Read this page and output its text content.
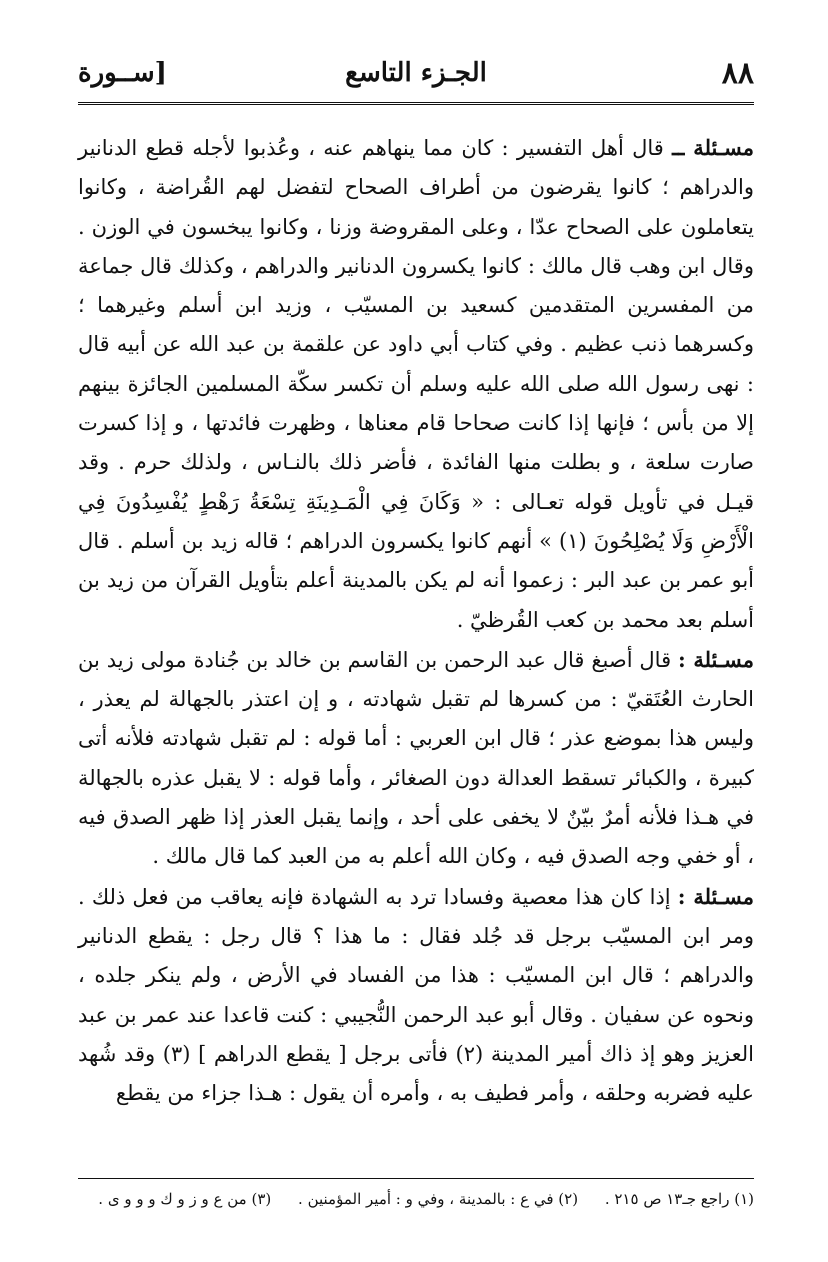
٨٨
الجـزء التاسع
[ســورة

مسـئلة ــ قال أهل التفسير : كان مما ينهاهم عنه ، وعُذبوا لأجله قطع الدنانير والدراهم ؛ كانوا يقرضون من أطراف الصحاح لتفضل لهم القُراضة ، وكانوا يتعاملون على الصحاح عدّا ، وعلى المقروضة وزنا ، وكانوا يبخسون في الوزن . وقال ابن وهب قال مالك : كانوا يكسرون الدنانير والدراهم ، وكذلك قال جماعة من المفسرين المتقدمين كسعيد بن المسيّب ، وزيد ابن أسلم وغيرهما ؛ وكسرهما ذنب عظيم . وفي كتاب أبي داود عن علقمة بن عبد الله عن أبيه قال : نهى رسول الله صلى الله عليه وسلم أن تكسر سكّة المسلمين الجائزة بينهم إلا من بأس ؛ فإنها إذا كانت صحاحا قام معناها ، وظهرت فائدتها ، و إذا كسرت صارت سلعة ، و بطلت منها الفائدة ، فأضر ذلك بالنـاس ، ولذلك حرم . وقد قيـل في تأويل قوله تعـالى : « وَكَانَ فِي الْمَـدِينَةِ تِسْعَةُ رَهْطٍ يُفْسِدُونَ فِي الْأَرْضِ وَلَا يُصْلِحُونَ (١) » أنهم كانوا يكسرون الدراهم ؛ قاله زيد بن أسلم . قال أبو عمر بن عبد البر : زعموا أنه لم يكن بالمدينة أعلم بتأويل القرآن من زيد بن أسلم بعد محمد بن كعب القُرظيّ .

مسـئلة : قال أصبغ قال عبد الرحمن بن القاسم بن خالد بن جُنادة مولى زيد بن الحارث العُتَقيّ : من كسرها لم تقبل شهادته ، و إن اعتذر بالجهالة لم يعذر ، وليس هذا بموضع عذر ؛ قال ابن العربي : أما قوله : لم تقبل شهادته فلأنه أتى كبيرة ، والكبائر تسقط العدالة دون الصغائر ، وأما قوله : لا يقبل عذره بالجهالة في هـذا فلأنه أمرٌ بيّنٌ لا يخفى على أحد ، وإنما يقبل العذر إذا ظهر الصدق فيه ، أو خفي وجه الصدق فيه ، وكان الله أعلم به من العبد كما قال مالك .

مسـئلة : إذا كان هذا معصية وفسادا ترد به الشهادة فإنه يعاقب من فعل ذلك . ومر ابن المسيّب برجل قد جُلد فقال : ما هذا ؟ قال رجل : يقطع الدنانير والدراهم ؛ قال ابن المسيّب : هذا من الفساد في الأرض ، ولم ينكر جلده ، ونحوه عن سفيان . وقال أبو عبد الرحمن النُّجيبي : كنت قاعدا عند عمر بن عبد العزيز وهو إذ ذاك أمير المدينة (٢) فأتى برجل [ يقطع الدراهم ] (٣) وقد شُهد عليه فضربه وحلقه ، وأمر فطيف به ، وأمره أن يقول : هـذا جزاء من يقطع

(١) راجع جـ١٣ ص ٢١٥ . (٢) في ع : بالمدينة ، وفي و : أمير المؤمنين . (٣) من ع و ز و ك و و و ى .
